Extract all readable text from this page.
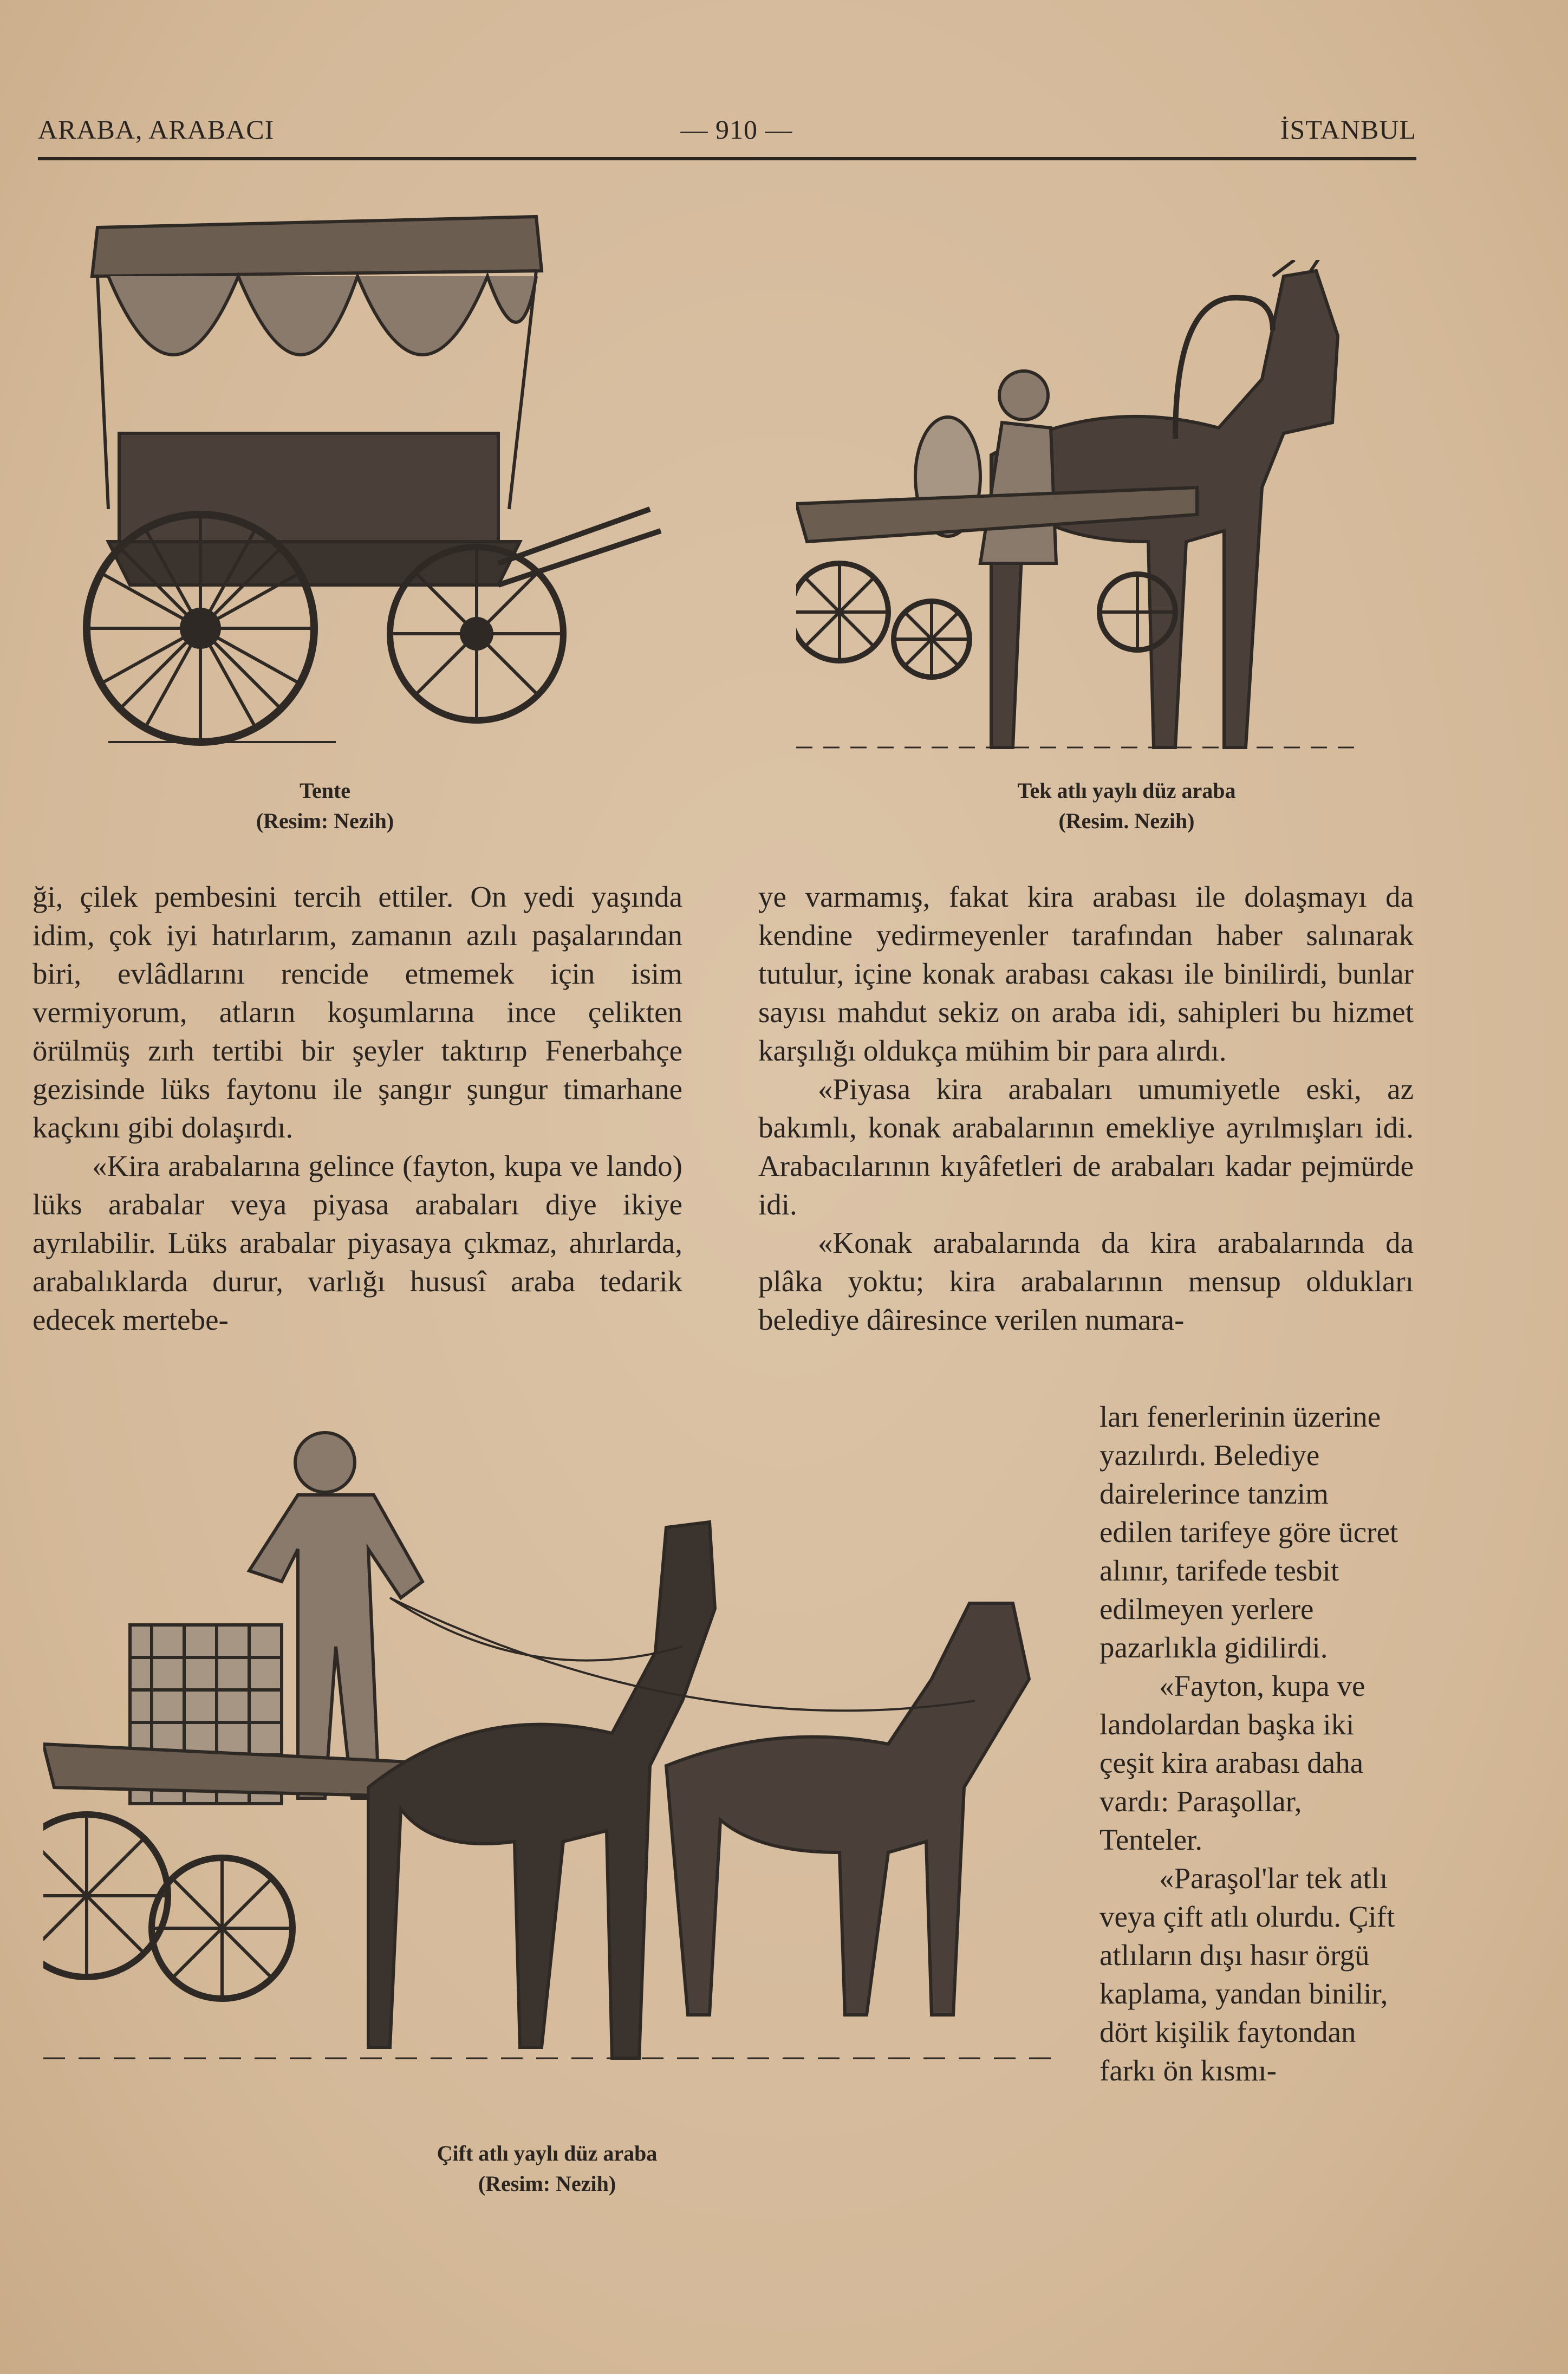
ARABA, ARABACI	— 910 —	İSTANBUL
Tente
(Resim: Nezih)
Tek atlı yaylı düz araba
(Resim. Nezih)

ği, çilek pembesini tercih ettiler. On yedi yaşında idim, çok iyi hatırlarım, zamanın azılı paşalarından biri, evlâdlarını rencide etmemek için isim vermiyorum, atların koşumlarına ince çelikten örülmüş zırh tertibi bir şeyler taktırıp Fenerbahçe gezisinde lüks faytonu ile şangır şungur timarhane kaçkını gibi dolaşırdı.

«Kira arabalarına gelince (fayton, kupa ve lando) lüks arabalar veya piyasa arabaları diye ikiye ayrılabilir. Lüks arabalar piyasaya çıkmaz, ahırlarda, arabalıklarda durur, varlığı hususî araba tedarik edecek mertebe-

ye varmamış, fakat kira arabası ile dolaşmayı da kendine yedirmeyenler tarafından haber salınarak tutulur, içine konak arabası cakası ile binilirdi, bunlar sayısı mahdut sekiz on araba idi, sahipleri bu hizmet karşılığı oldukça mühim bir para alırdı.

«Piyasa kira arabaları umumiyetle eski, az bakımlı, konak arabalarının emekliye ayrılmışları idi. Arabacılarının kıyâfetleri de arabaları kadar pejmürde idi.

«Konak arabalarında da kira arabalarında da plâka yoktu; kira arabalarının mensup oldukları belediye dâiresince verilen numara-

Çift atlı yaylı düz araba
(Resim: Nezih)

ları fenerlerinin üzerine yazılırdı. Belediye dairelerince tanzim edilen tarifeye göre ücret alınır, tarifede tesbit edilmeyen yerlere pazarlıkla gidilirdi.

«Fayton, kupa ve landolardan başka iki çeşit kira arabası daha vardı: Paraşollar, Tenteler.

«Paraşol'lar tek atlı veya çift atlı olurdu. Çift atlıların dışı hasır örgü kaplama, yandan binilir, dört kişilik faytondan farkı ön kısmı-
